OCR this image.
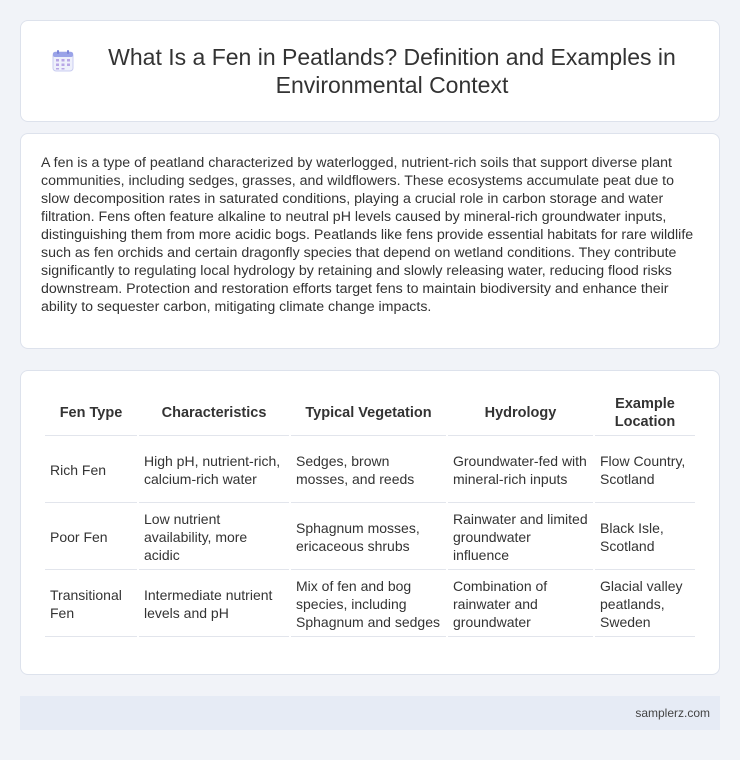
What Is a Fen in Peatlands? Definition and Examples in Environmental Context

A fen is a type of peatland characterized by waterlogged, nutrient-rich soils that support diverse plant communities, including sedges, grasses, and wildflowers. These ecosystems accumulate peat due to slow decomposition rates in saturated conditions, playing a crucial role in carbon storage and water filtration. Fens often feature alkaline to neutral pH levels caused by mineral-rich groundwater inputs, distinguishing them from more acidic bogs. Peatlands like fens provide essential habitats for rare wildlife such as fen orchids and certain dragonfly species that depend on wetland conditions. They contribute significantly to regulating local hydrology by retaining and slowly releasing water, reducing flood risks downstream. Protection and restoration efforts target fens to maintain biodiversity and enhance their ability to sequester carbon, mitigating climate change impacts.

Fen Type	Characteristics	Typical Vegetation	Hydrology	Example Location
Rich Fen	High pH, nutrient-rich, calcium-rich water	Sedges, brown mosses, and reeds	Groundwater-fed with mineral-rich inputs	Flow Country, Scotland
Poor Fen	Low nutrient availability, more acidic	Sphagnum mosses, ericaceous shrubs	Rainwater and limited groundwater influence	Black Isle, Scotland
Transitional Fen	Intermediate nutrient levels and pH	Mix of fen and bog species, including Sphagnum and sedges	Combination of rainwater and groundwater	Glacial valley peatlands, Sweden
samplerz.com
